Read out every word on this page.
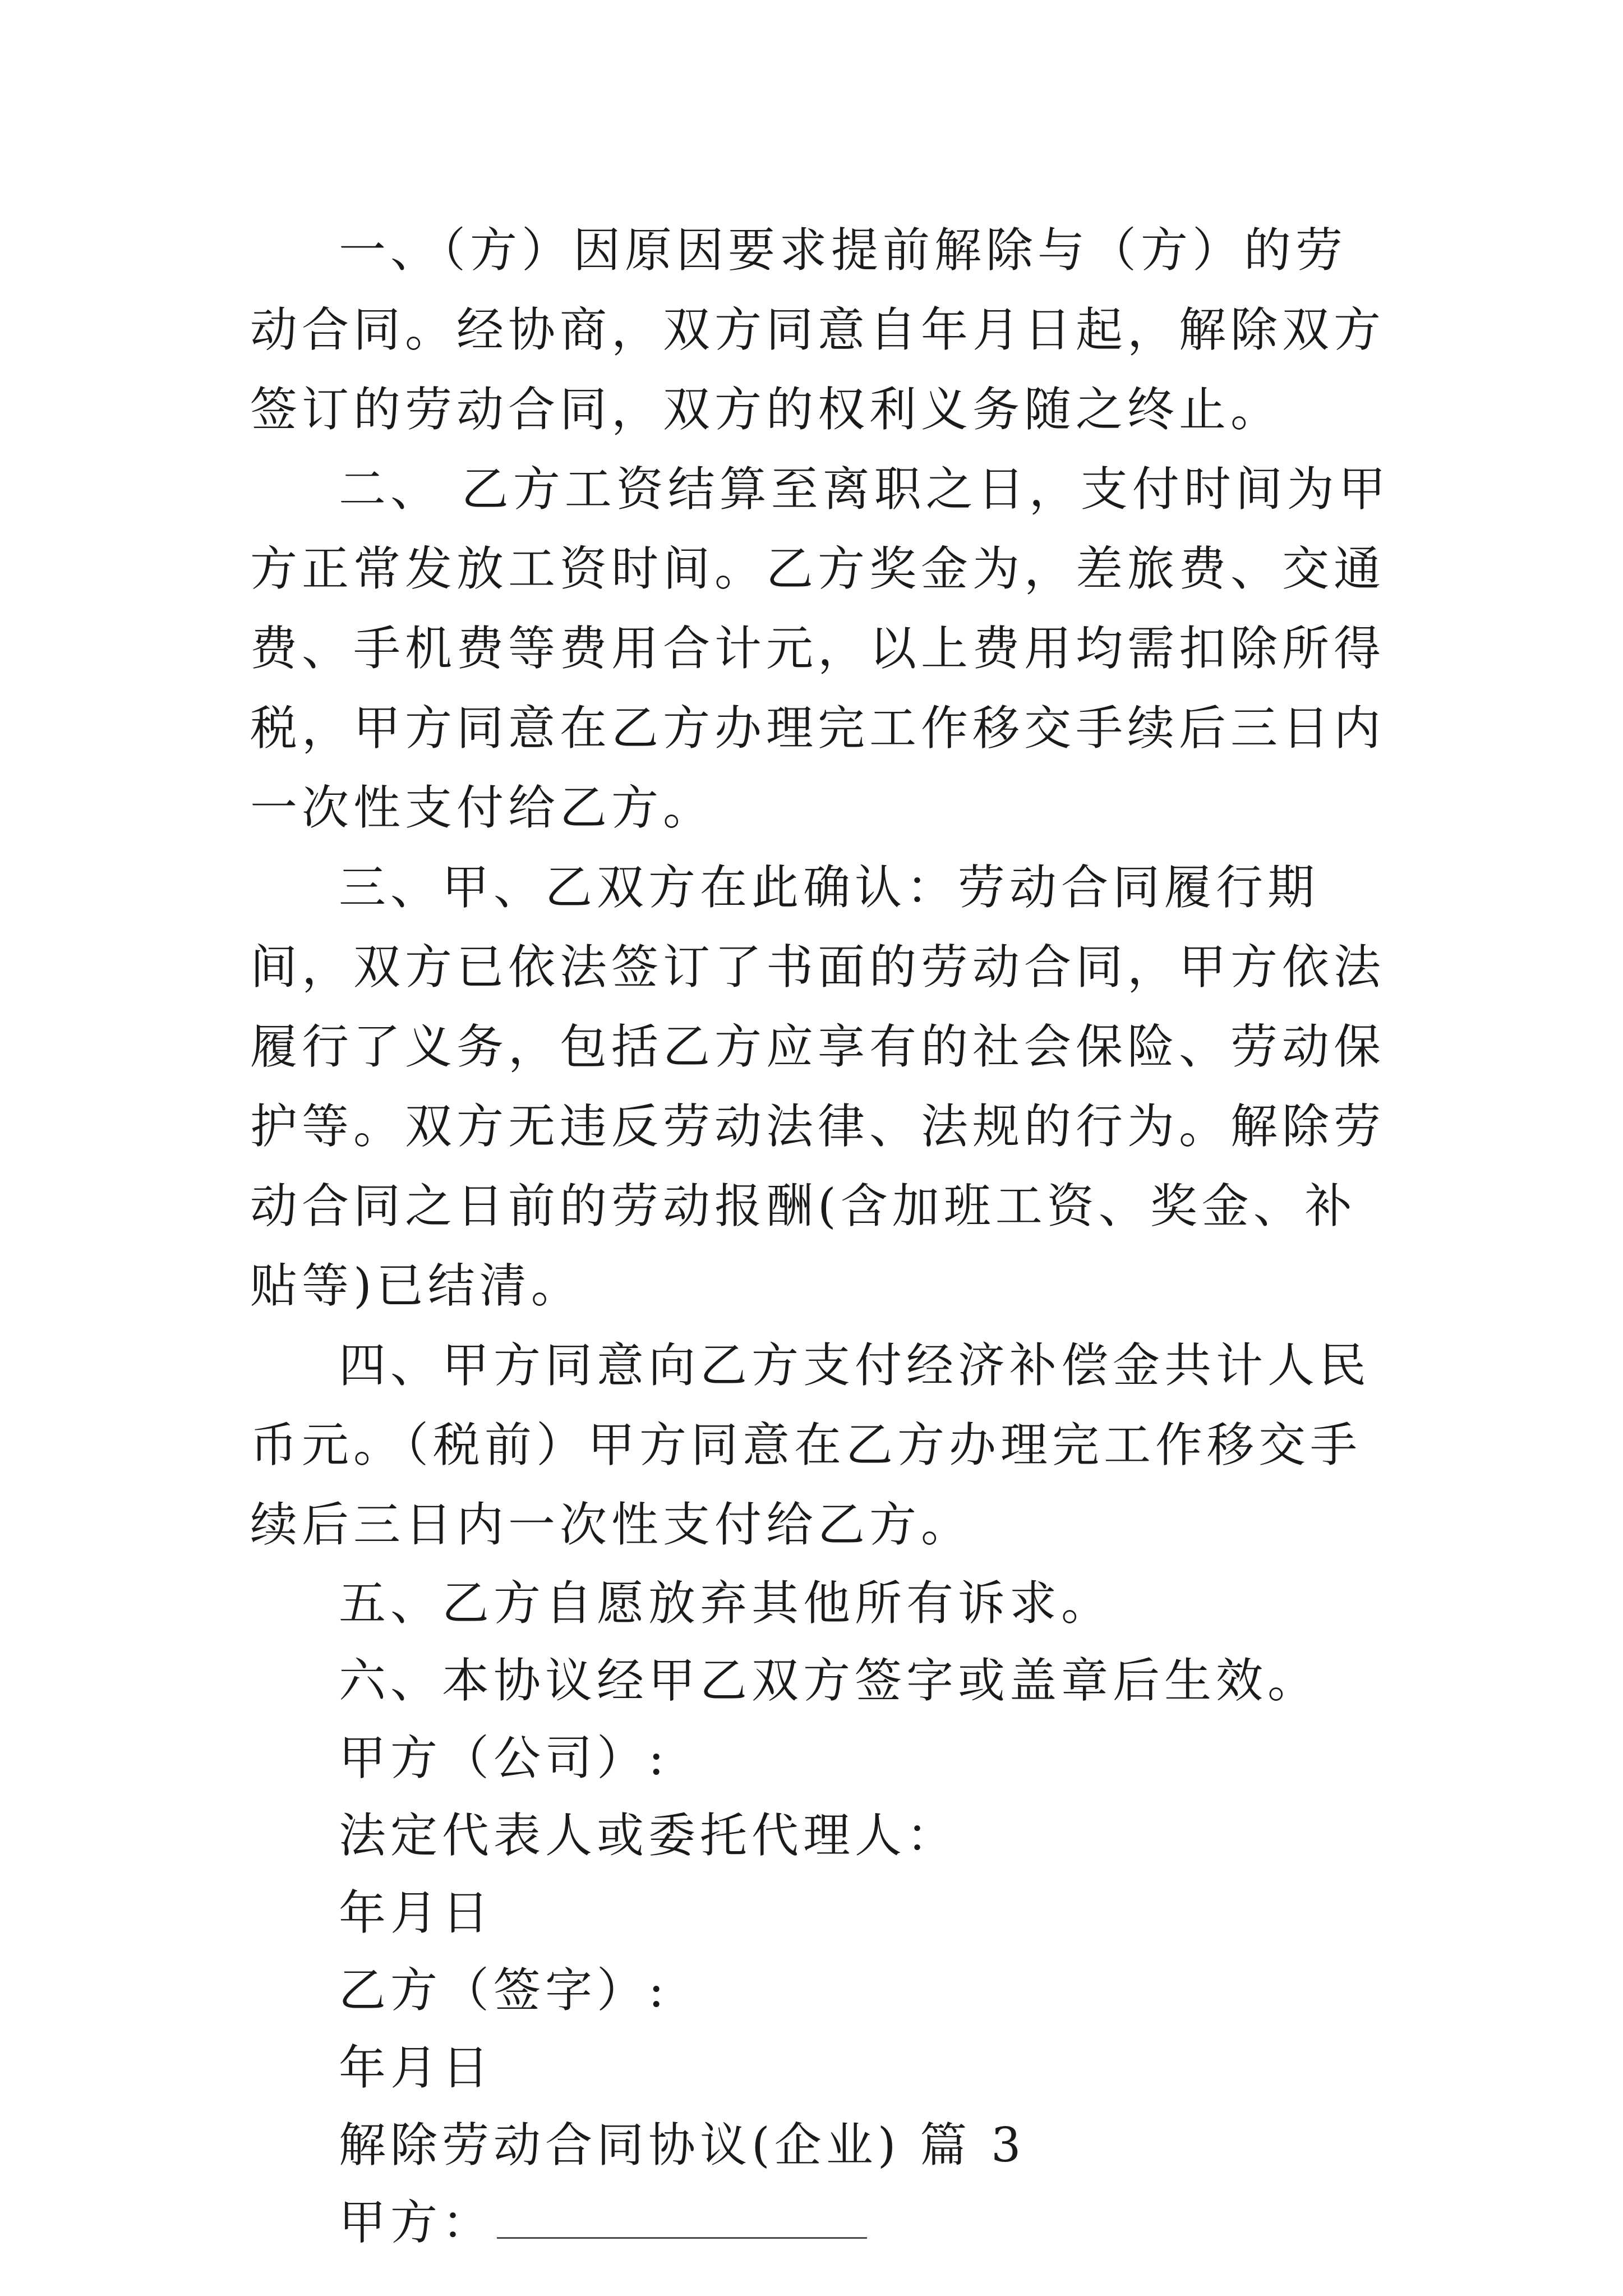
一、（方）因原因要求提前解除与（方）的劳动合同。经协商，双方同意自年月日起，解除双方签订的劳动合同，双方的权利义务随之终止。

二、 乙方工资结算至离职之日，支付时间为甲方正常发放工资时间。乙方奖金为，差旅费、交通费、手机费等费用合计元，以上费用均需扣除所得税，甲方同意在乙方办理完工作移交手续后三日内一次性支付给乙方。

三、甲、乙双方在此确认：劳动合同履行期间，双方已依法签订了书面的劳动合同，甲方依法履行了义务，包括乙方应享有的社会保险、劳动保护等。双方无违反劳动法律、法规的行为。解除劳动合同之日前的劳动报酬(含加班工资、奖金、补贴等)已结清。

四、甲方同意向乙方支付经济补偿金共计人民币元。（税前）甲方同意在乙方办理完工作移交手续后三日内一次性支付给乙方。

五、乙方自愿放弃其他所有诉求。

六、本协议经甲乙双方签字或盖章后生效。

甲方（公司）:

法定代表人或委托代理人：

年月日

乙方（签字）:

年月日

解除劳动合同协议(企业) 篇 3

甲方：
